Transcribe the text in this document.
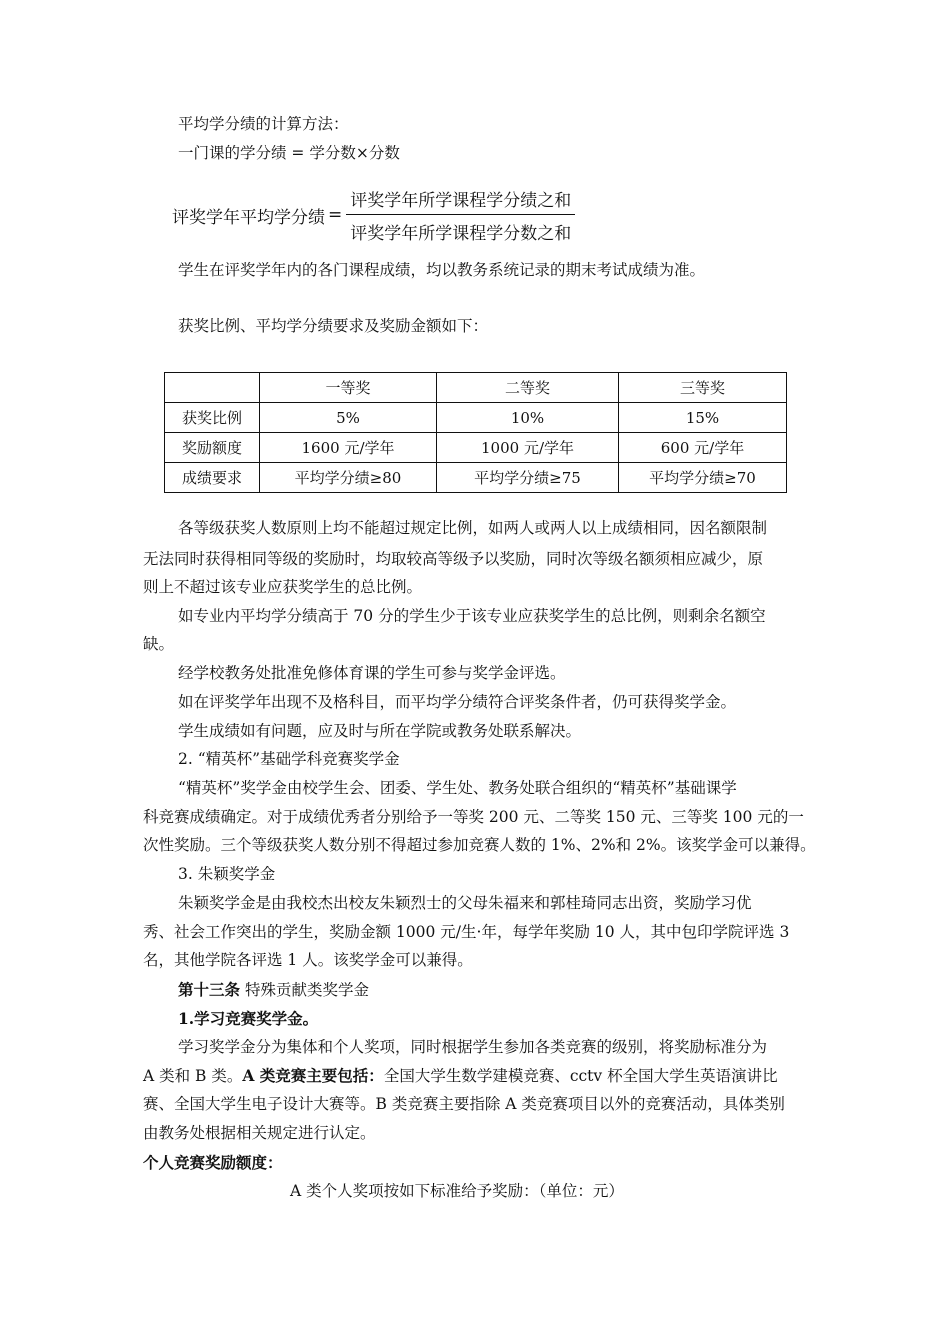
平均学分绩的计算方法：
一门课的学分绩 = 学分数×分数
评奖学年平均学分绩 = $\frac{\text{评奖学年所学课程学分绩之和}}{\text{评奖学年所学课程学分数之和}}$
学生在评奖学年内的各门课程成绩，均以教务系统记录的期末考试成绩为准。
获奖比例、平均学分绩要求及奖励金额如下：
	一等奖	二等奖	三等奖
获奖比例	5%	10%	15%
奖励额度	1600 元/学年	1000 元/学年	600 元/学年
成绩要求	平均学分绩≥80	平均学分绩≥75	平均学分绩≥70
各等级获奖人数原则上均不能超过规定比例，如两人或两人以上成绩相同，因名额限制
无法同时获得相同等级的奖励时，均取较高等级予以奖励，同时次等级名额须相应减少，原
则上不超过该专业应获奖学生的总比例。
如专业内平均学分绩高于 70 分的学生少于该专业应获奖学生的总比例，则剩余名额空
缺。
经学校教务处批准免修体育课的学生可参与奖学金评选。
如在评奖学年出现不及格科目，而平均学分绩符合评奖条件者，仍可获得奖学金。
学生成绩如有问题，应及时与所在学院或教务处联系解决。
2. “精英杯”基础学科竞赛奖学金
“精英杯”奖学金由校学生会、团委、学生处、教务处联合组织的“精英杯”基础课学
科竞赛成绩确定。对于成绩优秀者分别给予一等奖 200 元、二等奖 150 元、三等奖 100 元的一
次性奖励。三个等级获奖人数分别不得超过参加竞赛人数的 1%、2%和 2%。该奖学金可以兼得。
3. 朱颖奖学金
朱颖奖学金是由我校杰出校友朱颖烈士的父母朱福来和郭桂琦同志出资，奖励学习优
秀、社会工作突出的学生，奖励金额 1000 元/生·年，每学年奖励 10 人，其中包印学院评选 3
名，其他学院各评选 1 人。该奖学金可以兼得。
第十三条 特殊贡献类奖学金
1.学习竞赛奖学金。
学习奖学金分为集体和个人奖项，同时根据学生参加各类竞赛的级别，将奖励标准分为
A 类和 B 类。A 类竞赛主要包括：全国大学生数学建模竞赛、cctv 杯全国大学生英语演讲比
赛、全国大学生电子设计大赛等。B 类竞赛主要指除 A 类竞赛项目以外的竞赛活动，具体类别
由教务处根据相关规定进行认定。
个人竞赛奖励额度：
A 类个人奖项按如下标准给予奖励：（单位：元）
